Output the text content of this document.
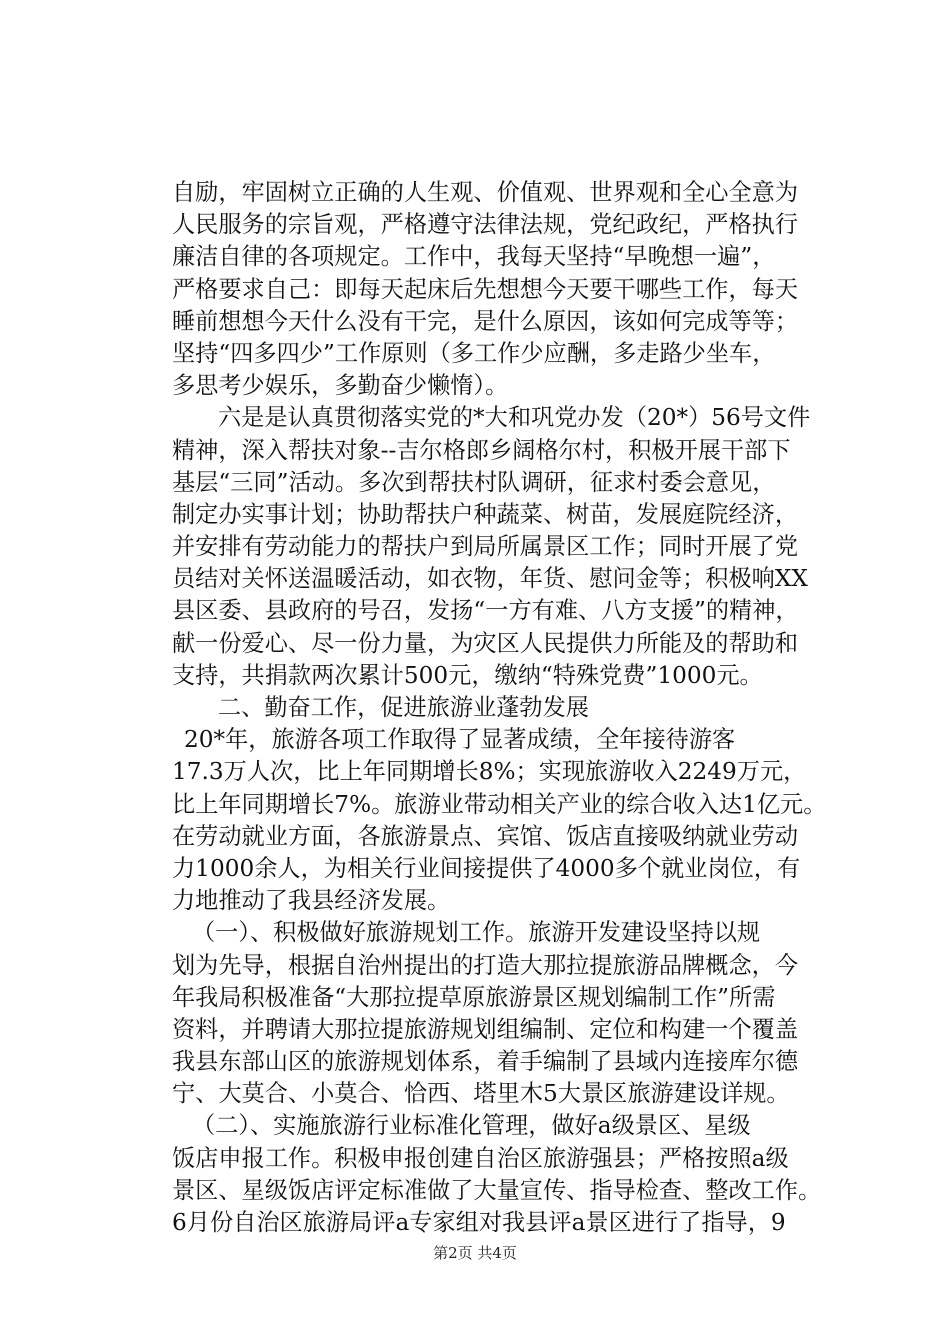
自励，牢固树立正确的人生观、价值观、世界观和全心全意为
人民服务的宗旨观，严格遵守法律法规，党纪政纪，严格执行
廉洁自律的各项规定。工作中，我每天坚持“早晚想一遍”，
严格要求自己：即每天起床后先想想今天要干哪些工作，每天
睡前想想今天什么没有干完，是什么原因，该如何完成等等；
坚持“四多四少”工作原则（多工作少应酬，多走路少坐车，
多思考少娱乐，多勤奋少懒惰）。
六是是认真贯彻落实党的*大和巩党办发（20*）56号文件
精神，深入帮扶对象--吉尔格郎乡阔格尔村，积极开展干部下
基层“三同”活动。多次到帮扶村队调研，征求村委会意见，
制定办实事计划；协助帮扶户种蔬菜、树苗，发展庭院经济，
并安排有劳动能力的帮扶户到局所属景区工作；同时开展了党
员结对关怀送温暖活动，如衣物，年货、慰问金等；积极响XX
县区委、县政府的号召，发扬“一方有难、八方支援”的精神，
献一份爱心、尽一份力量，为灾区人民提供力所能及的帮助和
支持，共捐款两次累计500元，缴纳“特殊党费”1000元。
二、勤奋工作，促进旅游业蓬勃发展
20*年，旅游各项工作取得了显著成绩，全年接待游客
17.3万人次，比上年同期增长8%；实现旅游收入2249万元，
比上年同期增长7%。旅游业带动相关产业的综合收入达1亿元。
在劳动就业方面，各旅游景点、宾馆、饭店直接吸纳就业劳动
力1000余人，为相关行业间接提供了4000多个就业岗位，有
力地推动了我县经济发展。
（一）、积极做好旅游规划工作。旅游开发建设坚持以规
划为先导，根据自治州提出的打造大那拉提旅游品牌概念，今
年我局积极准备“大那拉提草原旅游景区规划编制工作”所需
资料，并聘请大那拉提旅游规划组编制、定位和构建一个覆盖
我县东部山区的旅游规划体系，着手编制了县域内连接库尔德
宁、大莫合、小莫合、恰西、塔里木5大景区旅游建设详规。
（二）、实施旅游行业标准化管理，做好a级景区、星级
饭店申报工作。积极申报创建自治区旅游强县；严格按照a级
景区、星级饭店评定标准做了大量宣传、指导检查、整改工作。
6月份自治区旅游局评a专家组对我县评a景区进行了指导，9
第2页 共4页
